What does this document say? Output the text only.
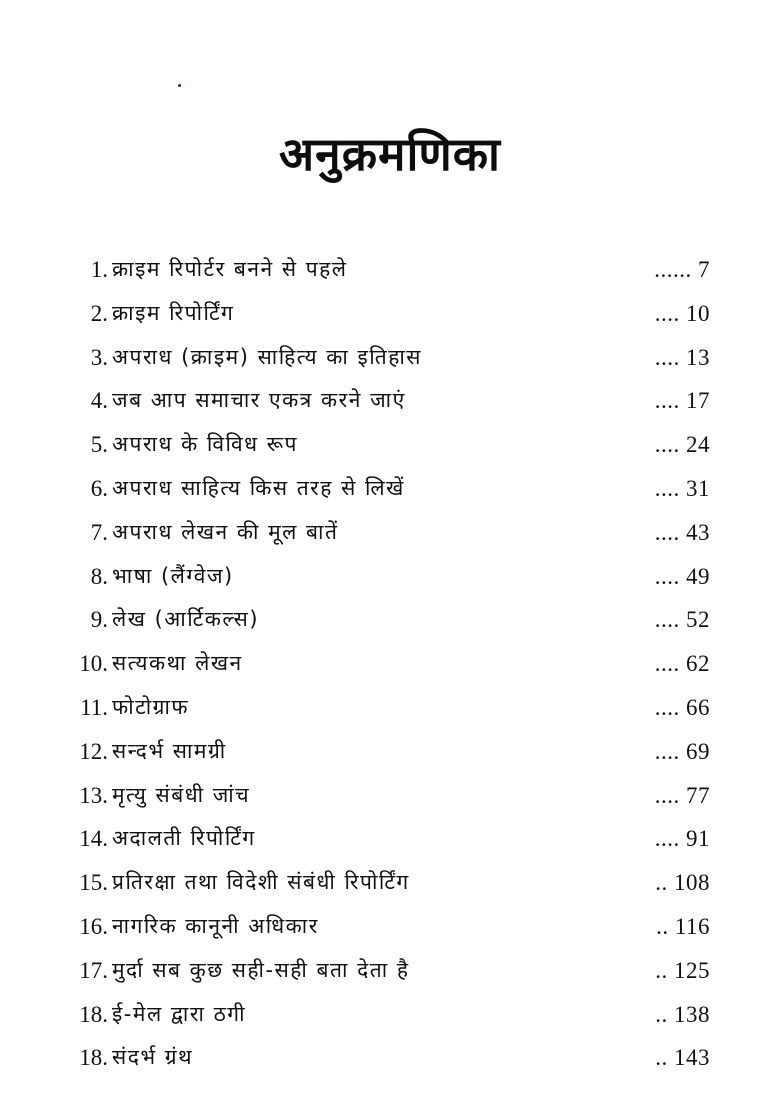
अनुक्रमणिका
1. क्राइम रिपोर्टर बनने से पहले	...... 7
2. क्राइम रिपोर्टिंग	.... 10
3. अपराध (क्राइम) साहित्य का इतिहास	.... 13
4. जब आप समाचार एकत्र करने जाएं	.... 17
5. अपराध के विविध रूप	.... 24
6. अपराध साहित्य किस तरह से लिखें	.... 31
7. अपराध लेखन की मूल बातें	.... 43
8. भाषा (लैंग्वेज)	.... 49
9. लेख (आर्टिकल्स)	.... 52
10. सत्यकथा लेखन	.... 62
11. फोटोग्राफ	.... 66
12. सन्दर्भ सामग्री	.... 69
13. मृत्यु संबंधी जांच	.... 77
14. अदालती रिपोर्टिंग	.... 91
15. प्रतिरक्षा तथा विदेशी संबंधी रिपोर्टिंग	.. 108
16. नागरिक कानूनी अधिकार	.. 116
17. मुर्दा सब कुछ सही-सही बता देता है	.. 125
18. ई-मेल द्वारा ठगी	.. 138
18. संदर्भ ग्रंथ	.. 143
